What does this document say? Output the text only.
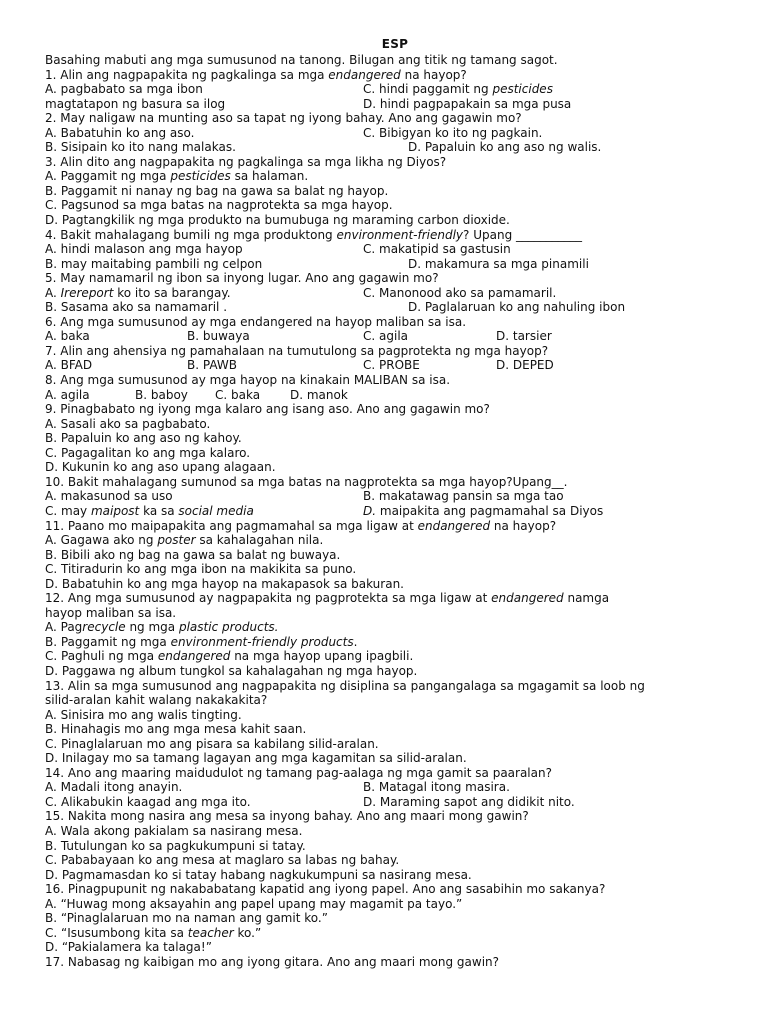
ESP
Basahing mabuti ang mga sumusunod na tanong. Bilugan ang titik ng tamang sagot.
1. Alin ang nagpapakita ng pagkalinga sa mga endangered na hayop?
A. pagbabato sa mga ibon	C. hindi paggamit ng pesticides
magtatapon ng basura sa ilog	D. hindi pagpapakain sa mga pusa
2. May naligaw na munting aso sa tapat ng iyong bahay. Ano ang gagawin mo?
A. Babatuhin ko ang aso.	C. Bibigyan ko ito ng pagkain.
B. Sisipain ko ito nang malakas.	D. Papaluin ko ang aso ng walis.
3. Alin dito ang nagpapakita ng pagkalinga sa mga likha ng Diyos?
A. Paggamit ng mga pesticides sa halaman.
B. Paggamit ni nanay ng bag na gawa sa balat ng hayop.
C. Pagsunod sa mga batas na nagprotekta sa mga hayop.
D. Pagtangkilik ng mga produkto na bumubuga ng maraming carbon dioxide.
4. Bakit mahalagang bumili ng mga produktong environment-friendly? Upang ___________
A. hindi malason ang mga hayop	C. makatipid sa gastusin
B. may maitabing pambili ng celpon	D. makamura sa mga pinamili
5. May namamaril ng ibon sa inyong lugar. Ano ang gagawin mo?
A. Irereport ko ito sa barangay.	C. Manonood ako sa pamamaril.
B. Sasama ako sa namamaril .	D. Paglalaruan ko ang nahuling ibon
6. Ang mga sumusunod ay mga endangered na hayop maliban sa isa.
A. baka	B. buwaya	C. agila	D. tarsier
7. Alin ang ahensiya ng pamahalaan na tumutulong sa pagprotekta ng mga hayop?
A. BFAD	B. PAWB	C. PROBE	D. DEPED
8. Ang mga sumusunod ay mga hayop na kinakain MALIBAN sa isa.
A. agila	B. baboy	C. baka	D. manok
9. Pinagbabato ng iyong mga kalaro ang isang aso. Ano ang gagawin mo?
A. Sasali ako sa pagbabato.
B. Papaluin ko ang aso ng kahoy.
C. Pagagalitan ko ang mga kalaro.
D. Kukunin ko ang aso upang alagaan.
10. Bakit mahalagang sumunod sa mga batas na nagprotekta sa mga hayop?Upang__.
A. makasunod sa uso	B. makatawag pansin sa mga tao
C. may maipost ka sa social media	D. maipakita ang pagmamahal sa Diyos
11. Paano mo maipapakita ang pagmamahal sa mga ligaw at endangered na hayop?
A. Gagawa ako ng poster sa kahalagahan nila.
B. Bibili ako ng bag na gawa sa balat ng buwaya.
C. Titiradurin ko ang mga ibon na makikita sa puno.
D. Babatuhin ko ang mga hayop na makapasok sa bakuran.
12. Ang mga sumusunod ay nagpapakita ng pagprotekta sa mga ligaw at endangered namga
hayop maliban sa isa.
A. Pagrecycle ng mga plastic products.
B. Paggamit ng mga environment-friendly products.
C. Paghuli ng mga endangered na mga hayop upang ipagbili.
D. Paggawa ng album tungkol sa kahalagahan ng mga hayop.
13. Alin sa mga sumusunod ang nagpapakita ng disiplina sa pangangalaga sa mgagamit sa loob ng
silid-aralan kahit walang nakakakita?
A. Sinisira mo ang walis tingting.
B. Hinahagis mo ang mga mesa kahit saan.
C. Pinaglalaruan mo ang pisara sa kabilang silid-aralan.
D. Inilagay mo sa tamang lagayan ang mga kagamitan sa silid-aralan.
14. Ano ang maaring maidudulot ng tamang pag-aalaga ng mga gamit sa paaralan?
A. Madali itong anayin.	B. Matagal itong masira.
C. Alikabukin kaagad ang mga ito.	D. Maraming sapot ang didikit nito.
15. Nakita mong nasira ang mesa sa inyong bahay. Ano ang maari mong gawin?
A. Wala akong pakialam sa nasirang mesa.
B. Tutulungan ko sa pagkukumpuni si tatay.
C. Pababayaan ko ang mesa at maglaro sa labas ng bahay.
D. Pagmamasdan ko si tatay habang nagkukumpuni sa nasirang mesa.
16. Pinagpupunit ng nakababatang kapatid ang iyong papel. Ano ang sasabihin mo sakanya?
A. “Huwag mong aksayahin ang papel upang may magamit pa tayo.”
B. “Pinaglalaruan mo na naman ang gamit ko.”
C. “Isusumbong kita sa teacher ko.”
D. “Pakialamera ka talaga!”
17. Nabasag ng kaibigan mo ang iyong gitara. Ano ang maari mong gawin?
